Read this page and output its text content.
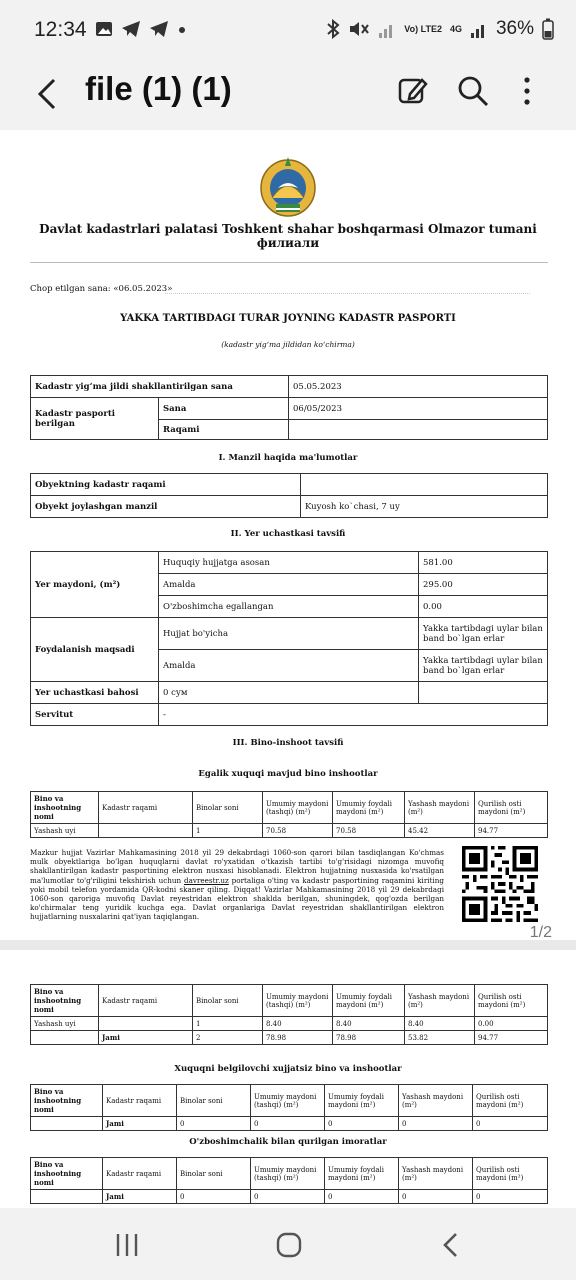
12:34	Vo) LTE2 4G 36%
file (1) (1)
Davlat kadastrlari palatasi Toshkent shahar boshqarmasi Olmazor tumani филиали
Chop etilgan sana: «06.05.2023»
YAKKA TARTIBDAGI TURAR JOYNING KADASTR PASPORTI
(kadastr yig‘ma jildidan ko‘chirma)
Kadastr yig‘ma jildi shakllantirilgan sana		05.05.2023
Kadastr pasporti berilgan	Sana	06/05/2023
	Raqami	
I. Manzil haqida ma'lumotlar
Obyektning kadastr raqami	
Obyekt joylashgan manzil	Kuyosh ko`chasi, 7 uy
II. Yer uchastkasi tavsifi
Yer maydoni, (m²)	Huquqiy hujjatga asosan	581.00
	Amalda	295.00
	O'zboshimcha egallangan	0.00
Foydalanish maqsadi	Hujjat bo'yicha	Yakka tartibdagi uylar bilan band bo`lgan erlar
	Amalda	Yakka tartibdagi uylar bilan band bo`lgan erlar
Yer uchastkasi bahosi	0 сум	
Servitut	-	
III. Bino-inshoot tavsifi
Egalik xuquqi mavjud bino inshootlar
Bino va inshootning nomi	Kadastr raqami	Binolar soni	Umumiy maydoni (tashqi) (m²)	Umumiy foydali maydoni (m²)	Yashash maydoni (m²)	Qurilish osti maydoni (m²)
Yashash uyi		1	70.58	70.58	45.42	94.77
Mazkur hujjat Vazirlar Mahkamasining 2018 yil 29 dekabrdagi 1060-son qarori bilan tasdiqlangan Ko'chmas mulk obyektlariga bo'lgan huquqlarni davlat ro'yxatidan o'tkazish tartibi to'g'risidagi nizomga muvofiq shakllantirilgan kadastr pasportining elektron nusxasi hisoblanadi. Elektron hujjatning nusxasida ko'rsatilgan ma'lumotlar to'g'riligini tekshirish uchun davreestr.uz portaliga o'ting va kadastr pasportining raqamini kiriting yoki mobil telefon yordamida QR-kodni skaner qiling. Diqqat! Vazirlar Mahkamasining 2018 yil 29 dekabrdagi 1060-son qaroriga muvofiq Davlat reyestridan elektron shaklda berilgan, shuningdek, qog'ozda berilgan ko'chirmalar teng yuridik kuchga ega. Davlat organlariga Davlat reyestridan shakllantirilgan elektron hujjatlarning nusxalarini qat'iyan taqiqlangan.
1/2
Bino va inshootning nomi	Kadastr raqami	Binolar soni	Umumiy maydoni (tashqi) (m²)	Umumiy foydali maydoni (m²)	Yashash maydoni (m²)	Qurilish osti maydoni (m²)
Yashash uyi		1	8.40	8.40	8.40	0.00
	Jami	2	78.98	78.98	53.82	94.77
Xuquqni belgilovchi xujjatsiz bino va inshootlar
Bino va inshootning nomi	Kadastr raqami	Binolar soni	Umumiy maydoni (tashqi) (m²)	Umumiy foydali maydoni (m²)	Yashash maydoni (m²)	Qurilish osti maydoni (m²)
	Jami	0	0	0	0	0
O'zboshimchalik bilan qurilgan imoratlar
Bino va inshootning nomi	Kadastr raqami	Binolar soni	Umumiy maydoni (tashqi) (m²)	Umumiy foydali maydoni (m²)	Yashash maydoni (m²)	Qurilish osti maydoni (m²)
	Jami	0	0	0	0	0
